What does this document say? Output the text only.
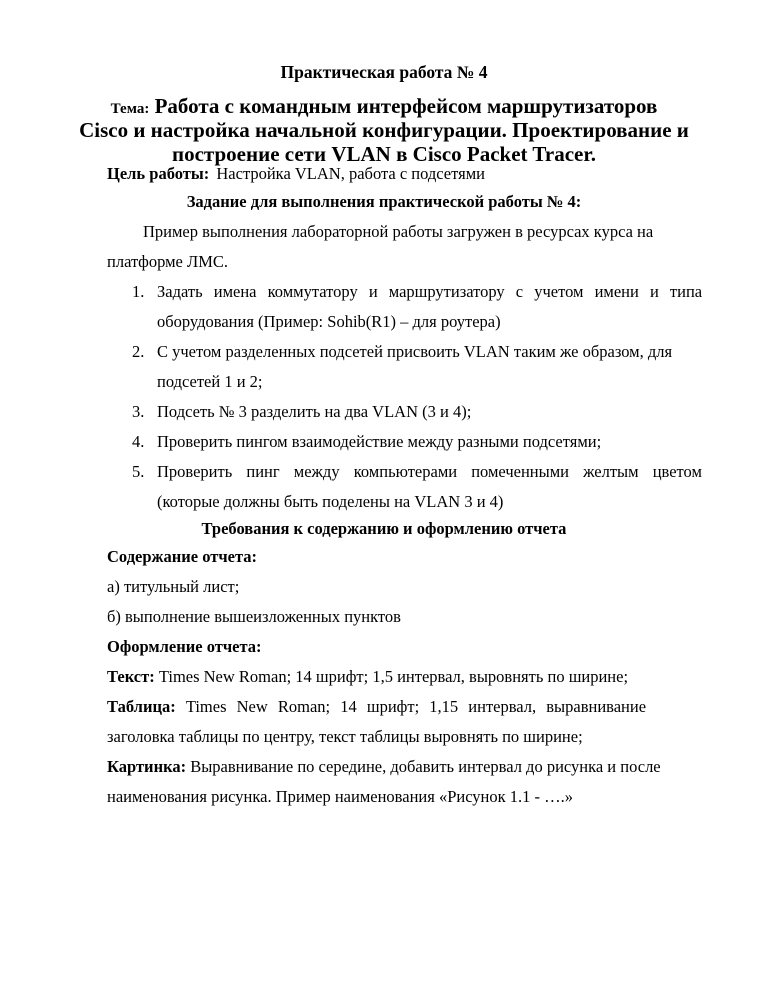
Практическая работа № 4
Тема: Работа с командным интерфейсом маршрутизаторов
Cisco и настройка начальной конфигурации. Проектирование и
построение сети VLAN в Cisco Packet Tracer.
Цель работы: Настройка VLAN, работа с подсетями
Задание для выполнения практической работы № 4:
Пример выполнения лабораторной работы загружен в ресурсах курса на
платформе ЛМС.
1. Задать именa коммутатору и маршрутизатору с учетом имени и типа
оборудования (Пример: Sohib(R1) – для роутера)
2. С учетом разделенных подсетей присвоить VLAN таким же образом, для
подсетей 1 и 2;
3. Подсеть № 3 разделить на два VLAN (3 и 4);
4. Проверить пингом взаимодействие между разными подсетями;
5. Проверить пинг между компьютерами помеченными желтым цветом
(которые должны быть поделены на VLAN 3 и 4)
Требования к содержанию и оформлению отчета
Содержание отчета:
а) титульный лист;
б) выполнение вышеизложенных пунктов
Оформление отчета:
Текст: Times New Roman; 14 шрифт; 1,5 интервал, выровнять по ширине;
Таблица: Times New Roman; 14 шрифт; 1,15 интервал, выравнивание
заголовка таблицы по центру, текст таблицы выровнять по ширине;
Картинка: Выравнивание по середине, добавить интервал до рисунка и после
наименования рисунка. Пример наименования «Рисунок 1.1 - ….»
